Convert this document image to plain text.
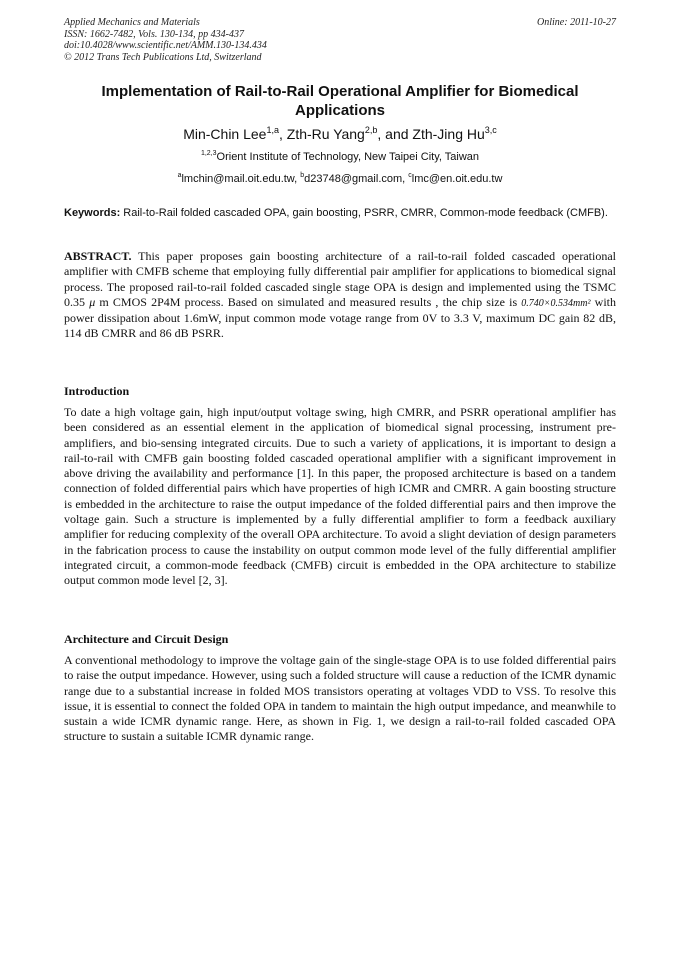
Applied Mechanics and Materials
ISSN: 1662-7482, Vols. 130-134, pp 434-437
doi:10.4028/www.scientific.net/AMM.130-134.434
© 2012 Trans Tech Publications Ltd, Switzerland
Online: 2011-10-27
Implementation of Rail-to-Rail Operational Amplifier for Biomedical Applications
Min-Chin Lee$^{1,a}$, Zth-Ru Yang$^{2,b}$, and Zth-Jing Hu$^{3,c}$
$^{1,2,3}$Orient Institute of Technology, New Taipei City, Taiwan
$^a$lmchin@mail.oit.edu.tw, $^b$d23748@gmail.com, $^c$lmc@en.oit.edu.tw
Keywords: Rail-to-Rail folded cascaded OPA, gain boosting, PSRR, CMRR, Common-mode feedback (CMFB).
ABSTRACT. This paper proposes gain boosting architecture of a rail-to-rail folded cascaded operational amplifier with CMFB scheme that employing fully differential pair amplifier for applications to biomedical signal process. The proposed rail-to-rail folded cascaded single stage OPA is design and implemented using the TSMC 0.35 μ m CMOS 2P4M process. Based on simulated and measured results , the chip size is 0.740×0.534mm² with power dissipation about 1.6mW, input common mode votage range from 0V to 3.3 V, maximum DC gain 82 dB, 114 dB CMRR and 86 dB PSRR.
Introduction
To date a high voltage gain, high input/output voltage swing, high CMRR, and PSRR operational amplifier has been considered as an essential element in the application of biomedical signal processing, instrument pre-amplifiers, and bio-sensing integrated circuits. Due to such a variety of applications, it is important to design a rail-to-rail with CMFB gain boosting folded cascaded operational amplifier with a significant improvement in above driving the availability and performance [1]. In this paper, the proposed architecture is based on a tandem connection of folded differential pairs which have properties of high ICMR and CMRR. A gain boosting structure is embedded in the architecture to raise the output impedance of the folded differential pairs and then improve the voltage gain. Such a structure is implemented by a fully differential amplifier to form a feedback auxiliary amplifier for reducing complexity of the overall OPA architecture. To avoid a slight deviation of design parameters in the fabrication process to cause the instability on output common mode level of the fully differential amplifier integrated circuit, a common-mode feedback (CMFB) circuit is embedded in the OPA architecture to stabilize output common mode level [2, 3].
Architecture and Circuit Design
A conventional methodology to improve the voltage gain of the single-stage OPA is to use folded differential pairs to raise the output impedance. However, using such a folded structure will cause a reduction of the ICMR dynamic range due to a substantial increase in folded MOS transistors operating at voltages VDD to VSS. To resolve this issue, it is essential to connect the folded OPA in tandem to maintain the high output impedance, and meanwhile to sustain a wide ICMR dynamic range. Here, as shown in Fig. 1, we design a rail-to-rail folded cascaded OPA structure to sustain a suitable ICMR dynamic range.
